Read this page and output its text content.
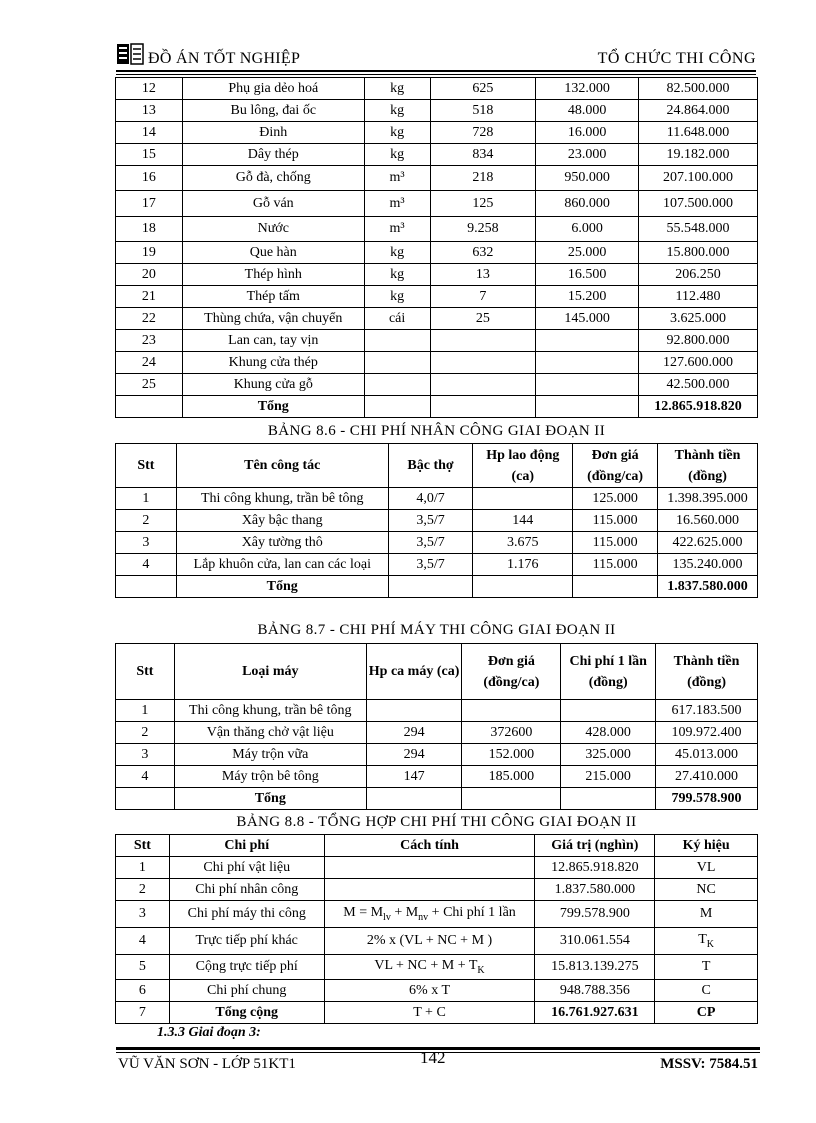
ĐỒ ÁN TỐT NGHIỆP	TỔ CHỨC THI CÔNG
12	Phụ gia dẻo hoá	kg	625	132.000	82.500.000
13	Bu lông, đai ốc	kg	518	48.000	24.864.000
14	Đinh	kg	728	16.000	11.648.000
15	Dây thép	kg	834	23.000	19.182.000
16	Gỗ đà, chống	m³	218	950.000	207.100.000
17	Gỗ ván	m³	125	860.000	107.500.000
18	Nước	m³	9.258	6.000	55.548.000
19	Que hàn	kg	632	25.000	15.800.000
20	Thép hình	kg	13	16.500	206.250
21	Thép tấm	kg	7	15.200	112.480
22	Thùng chứa, vận chuyển	cái	25	145.000	3.625.000
23	Lan can, tay vịn				92.800.000
24	Khung cửa thép				127.600.000
25	Khung cửa gỗ				42.500.000
	Tổng				12.865.918.820
BẢNG 8.6 - CHI PHÍ NHÂN CÔNG GIAI ĐOẠN II
Stt	Tên công tác	Bậc thợ	Hp lao động (ca)	Đơn giá (đồng/ca)	Thành tiền (đồng)
1	Thi công khung, trần bê tông	4,0/7		125.000	1.398.395.000
2	Xây bậc thang	3,5/7	144	115.000	16.560.000
3	Xây tường thô	3,5/7	3.675	115.000	422.625.000
4	Lắp khuôn cửa, lan can các loại	3,5/7	1.176	115.000	135.240.000
	Tổng				1.837.580.000
BẢNG 8.7 - CHI PHÍ MÁY THI CÔNG GIAI ĐOẠN II
Stt	Loại máy	Hp ca máy (ca)	Đơn giá (đồng/ca)	Chi phí 1 lần (đồng)	Thành tiền (đồng)
1	Thi công khung, trần bê tông				617.183.500
2	Vận thăng chở vật liệu	294	372600	428.000	109.972.400
3	Máy trộn vữa	294	152.000	325.000	45.013.000
4	Máy trộn bê tông	147	185.000	215.000	27.410.000
	Tổng				799.578.900
BẢNG 8.8 - TỔNG HỢP CHI PHÍ THI CÔNG GIAI ĐOẠN II
Stt	Chi phí	Cách tính	Giá trị (nghìn)	Ký hiệu
1	Chi phí vật liệu		12.865.918.820	VL
2	Chi phí nhân công		1.837.580.000	NC
3	Chi phí máy thi công	$M = M_{lv} + M_{nv}$ + Chi phí 1 lần	799.578.900	M
4	Trực tiếp phí khác	2% x (VL + NC + M )	310.061.554	$T_K$
5	Cộng trực tiếp phí	VL + NC + $M + T_K$	15.813.139.275	T
6	Chi phí chung	6% x T	948.788.356	C
7	Tổng cộng	T + C	16.761.927.631	CP
1.3.3 Giai đoạn 3:
VŨ VĂN SƠN - LỚP 51KT1	142	MSSV: 7584.51
